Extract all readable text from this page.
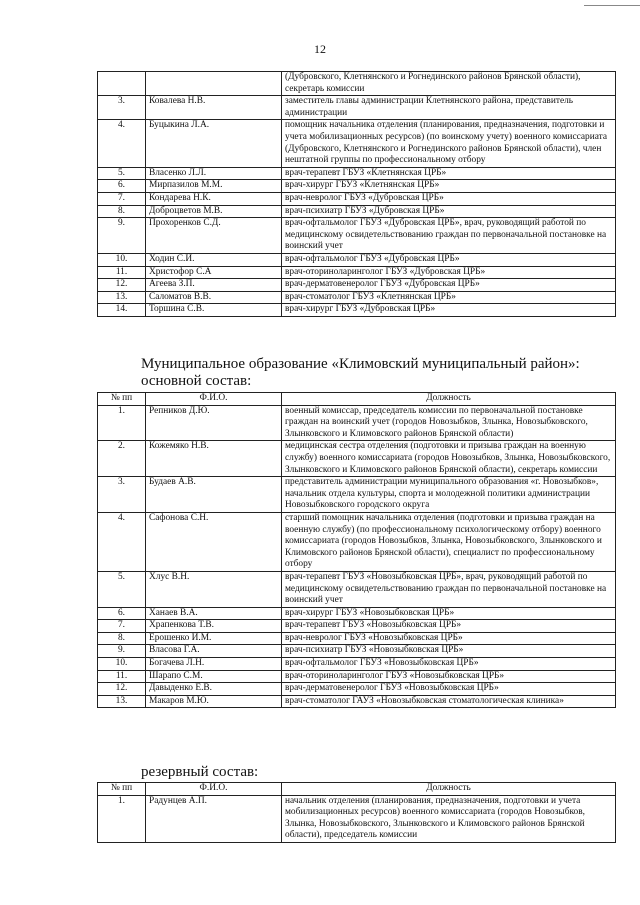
12
		(Дубровского, Клетнянского и Рогнединского районов Брянской области), секретарь комиссии
3.	Ковалева Н.В.	заместитель главы администрации Клетнянского района, представитель администрации
4.	Буцыкина Л.А.	помощник начальника отделения (планирования, предназначения, подготовки и учета мобилизационных ресурсов) (по воинскому учету) военного комиссариата (Дубровского, Клетнянского и Рогнединского районов Брянской области), член нештатной группы по профессиональному отбору
5.	Власенко Л.Л.	врач-терапевт ГБУЗ «Клетнянская ЦРБ»
6.	Мирпазилов М.М.	врач-хирург ГБУЗ «Клетнянская ЦРБ»
7.	Кондарева Н.К.	врач-невролог ГБУЗ «Дубровская ЦРБ»
8.	Доброцветов М.В.	врач-психиатр ГБУЗ «Дубровская ЦРБ»
9.	Прохоренков С.Д.	врач-офтальмолог ГБУЗ «Дубровская ЦРБ», врач, руководящий работой по медицинскому освидетельствованию граждан по первоначальной постановке на воинский учет
10.	Ходин С.И.	врач-офтальмолог ГБУЗ «Дубровская ЦРБ»
11.	Христофор С.А	врач-оториноларинголог ГБУЗ «Дубровская ЦРБ»
12.	Агеева З.П.	врач-дерматовенеролог ГБУЗ «Дубровская ЦРБ»
13.	Саломатов В.В.	врач-стоматолог ГБУЗ «Клетнянская ЦРБ»
14.	Торшина С.В.	врач-хирург ГБУЗ «Дубровская ЦРБ»
Муниципальное образование «Климовский муниципальный район»:
основной состав:
№ пп	Ф.И.О.	Должность
1.	Репников Д.Ю.	военный комиссар, председатель комиссии по первоначальной постановке граждан на воинский учет (городов Новозыбков, Злынка, Новозыбковского, Злынковского и Климовского районов Брянской области)
2.	Кожемяко Н.В.	медицинская сестра отделения (подготовки и призыва граждан на военную службу) военного комиссариата (городов Новозыбков, Злынка, Новозыбковского, Злынковского и Климовского районов Брянской области), секретарь комиссии
3.	Будаев А.В.	представитель администрации муниципального образования «г. Новозыбков», начальник отдела культуры, спорта и молодежной политики администрации Новозыбковского городского округа
4.	Сафонова С.Н.	старший помощник начальника отделения (подготовки и призыва граждан на военную службу) (по профессиональному психологическому отбору) военного комиссариата (городов Новозыбков, Злынка, Новозыбковского, Злынковского и Климовского районов Брянской области), специалист по профессиональному отбору
5.	Хлус В.Н.	врач-терапевт ГБУЗ «Новозыбковская ЦРБ», врач, руководящий работой по медицинскому освидетельствованию граждан по первоначальной постановке на воинский учет
6.	Ханаев В.А.	врач-хирург ГБУЗ «Новозыбковская ЦРБ»
7.	Храпенкова Т.В.	врач-терапевт ГБУЗ «Новозыбковская ЦРБ»
8.	Ерошенко И.М.	врач-невролог ГБУЗ «Новозыбковская ЦРБ»
9.	Власова Г.А.	врач-психиатр ГБУЗ «Новозыбковская ЦРБ»
10.	Богачева Л.Н.	врач-офтальмолог ГБУЗ «Новозыбковская ЦРБ»
11.	Шарапо С.М.	врач-оториноларинголог ГБУЗ «Новозыбковская ЦРБ»
12.	Давыденко Е.В.	врач-дерматовенеролог ГБУЗ «Новозыбковская ЦРБ»
13.	Макаров М.Ю.	врач-стоматолог ГАУЗ «Новозыбковская стоматологическая клиника»
резервный состав:
№ пп	Ф.И.О.	Должность
1.	Радунцев А.П.	начальник отделения (планирования, предназначения, подготовки и учета мобилизационных ресурсов) военного комиссариата (городов Новозыбков, Злынка, Новозыбковского, Злынковского и Климовского районов Брянской области), председатель комиссии
